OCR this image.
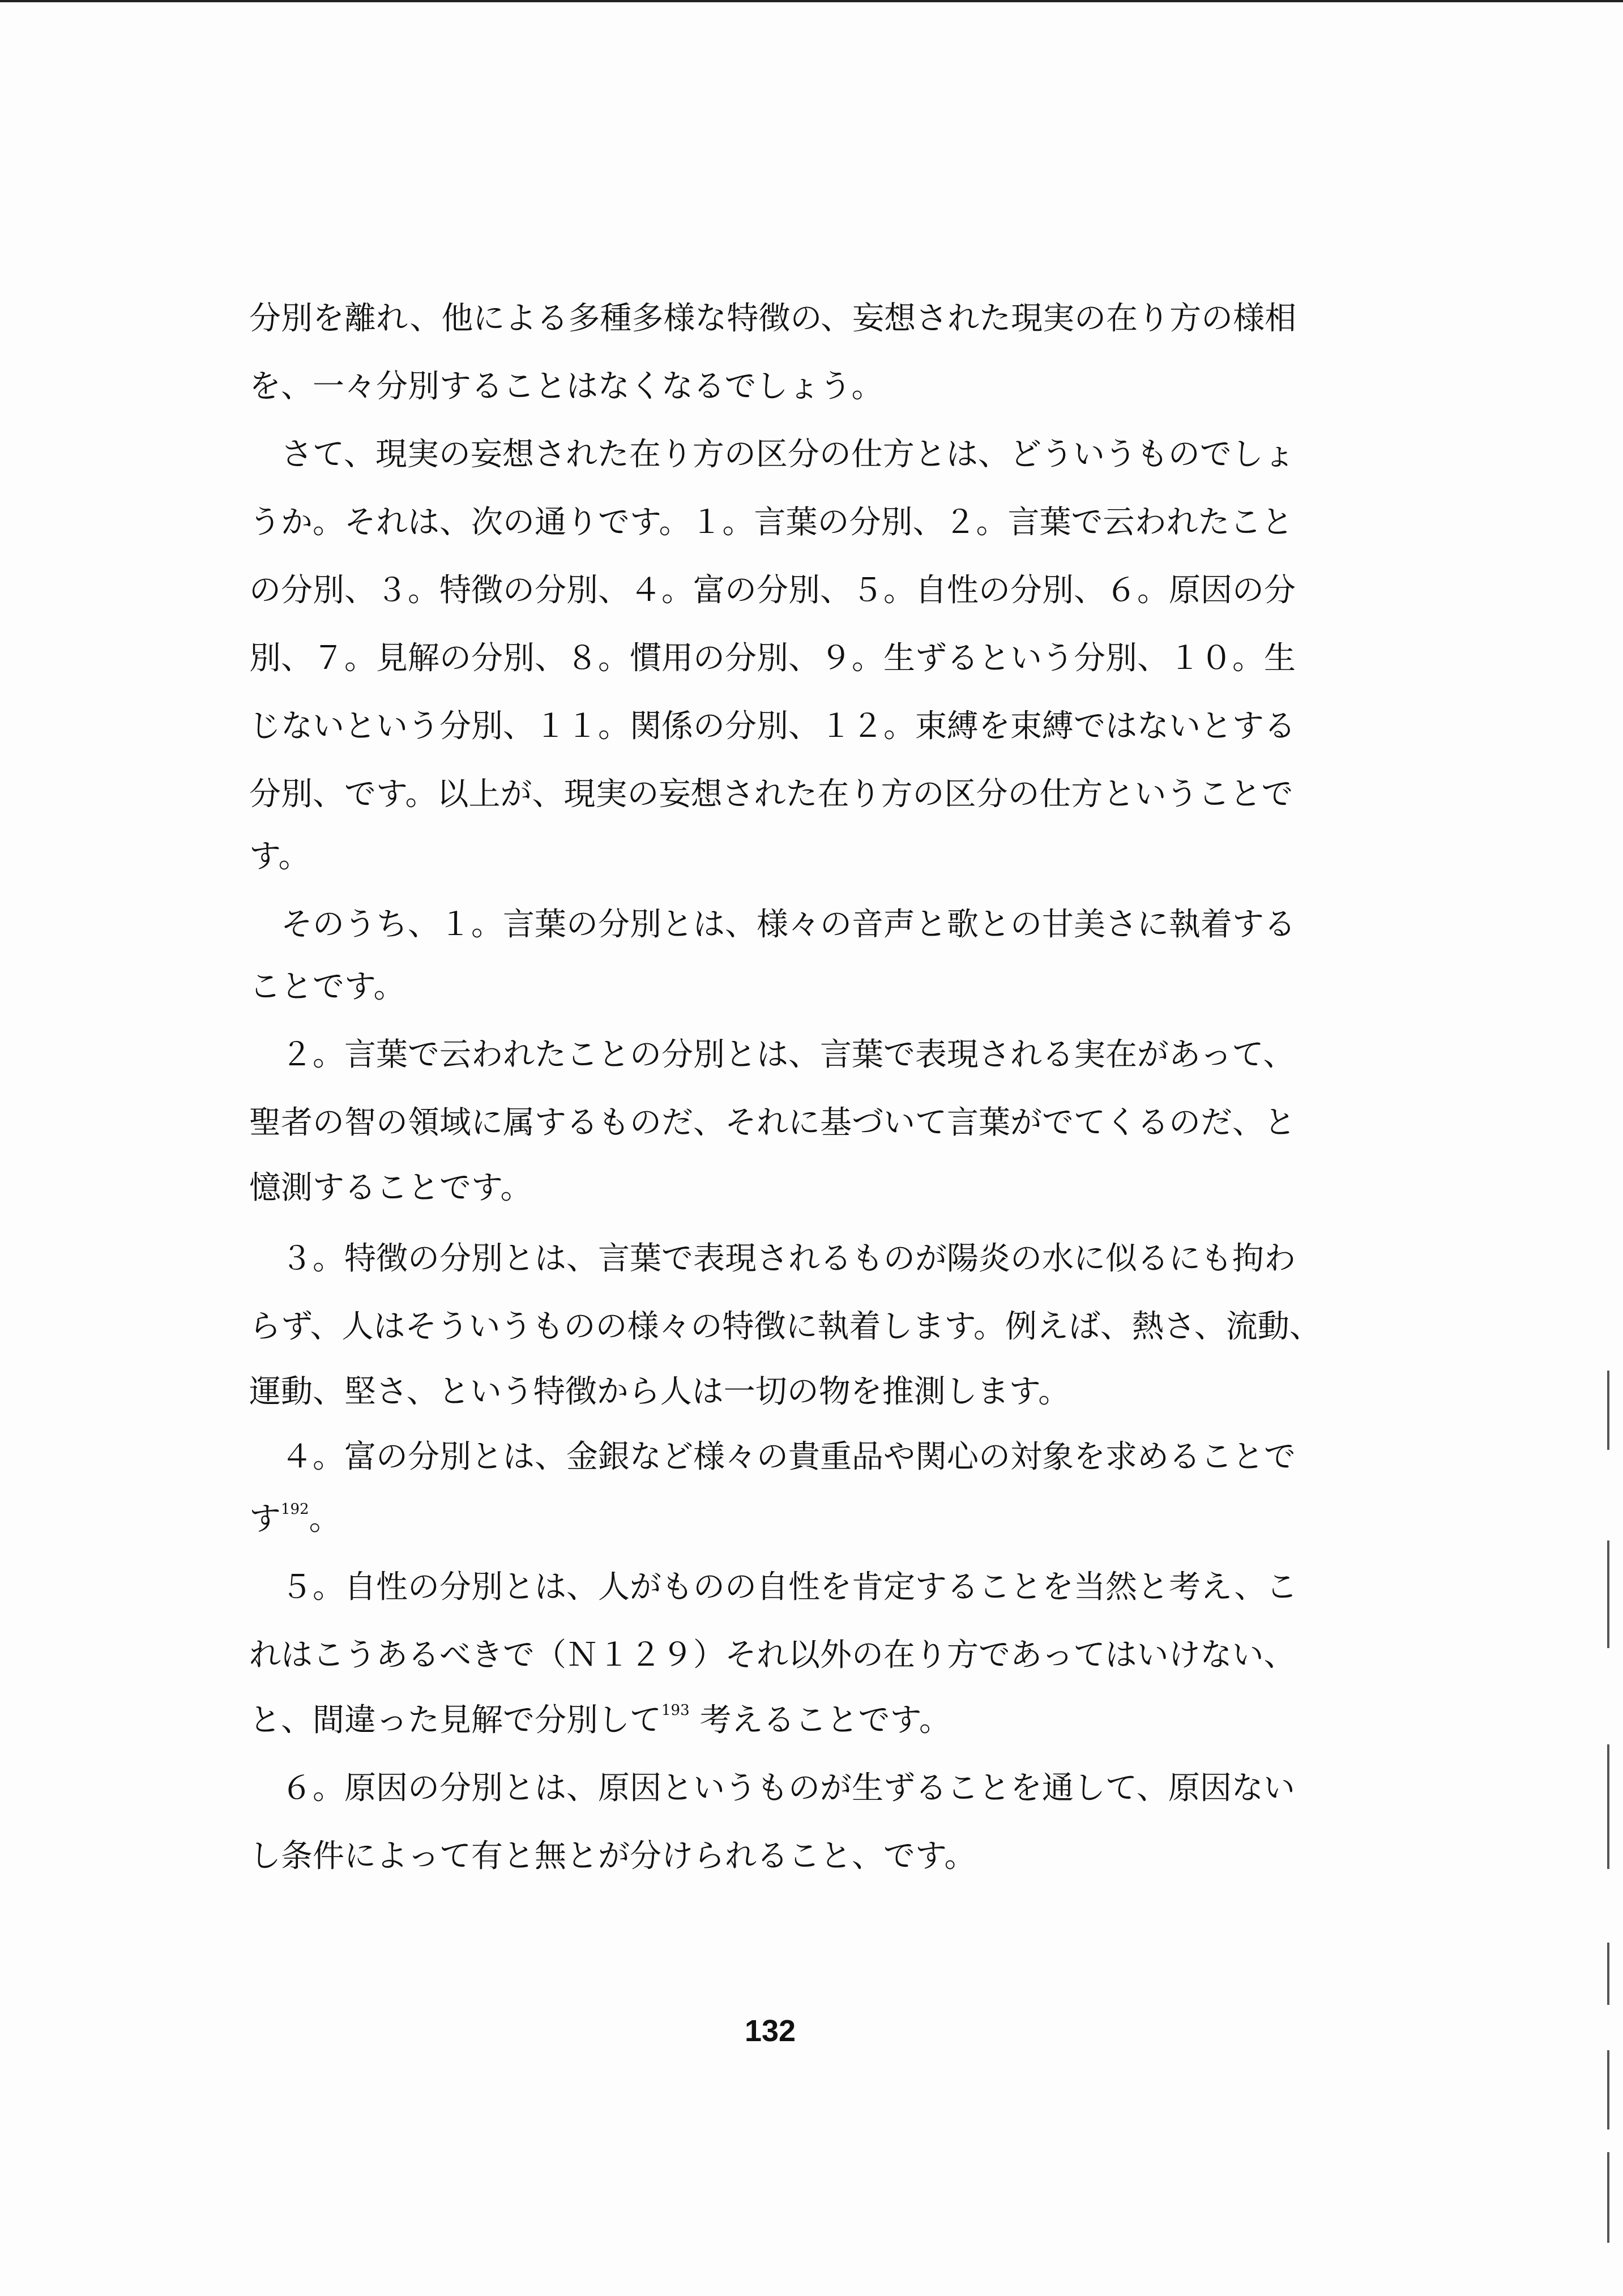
分別を離れ、他による多種多様な特徴の、妄想された現実の在り方の様相
を、一々分別することはなくなるでしょう。
　さて、現実の妄想された在り方の区分の仕方とは、どういうものでしょ
うか。それは、次の通りです。１。言葉の分別、２。言葉で云われたこと
の分別、３。特徴の分別、４。富の分別、５。自性の分別、６。原因の分
別、７。見解の分別、８。慣用の分別、９。生ずるという分別、１０。生
じないという分別、１１。関係の分別、１２。束縛を束縛ではないとする
分別、です。以上が、現実の妄想された在り方の区分の仕方ということで
す。
　そのうち、１。言葉の分別とは、様々の音声と歌との甘美さに執着する
ことです。
　２。言葉で云われたことの分別とは、言葉で表現される実在があって、
聖者の智の領域に属するものだ、それに基づいて言葉がでてくるのだ、と
憶測することです。
　３。特徴の分別とは、言葉で表現されるものが陽炎の水に似るにも拘わ
らず、人はそういうものの様々の特徴に執着します。例えば、熱さ、流動、
運動、堅さ、という特徴から人は一切の物を推測します。
　４。富の分別とは、金銀など様々の貴重品や関心の対象を求めることで
す$^{192}$。
　５。自性の分別とは、人がものの自性を肯定することを当然と考え、こ
れはこうあるべきで（Ｎ１２９）それ以外の在り方であってはいけない、
と、間違った見解で分別して$^{193}$ 考えることです。
　６。原因の分別とは、原因というものが生ずることを通して、原因ない
し条件によって有と無とが分けられること、です。
132
